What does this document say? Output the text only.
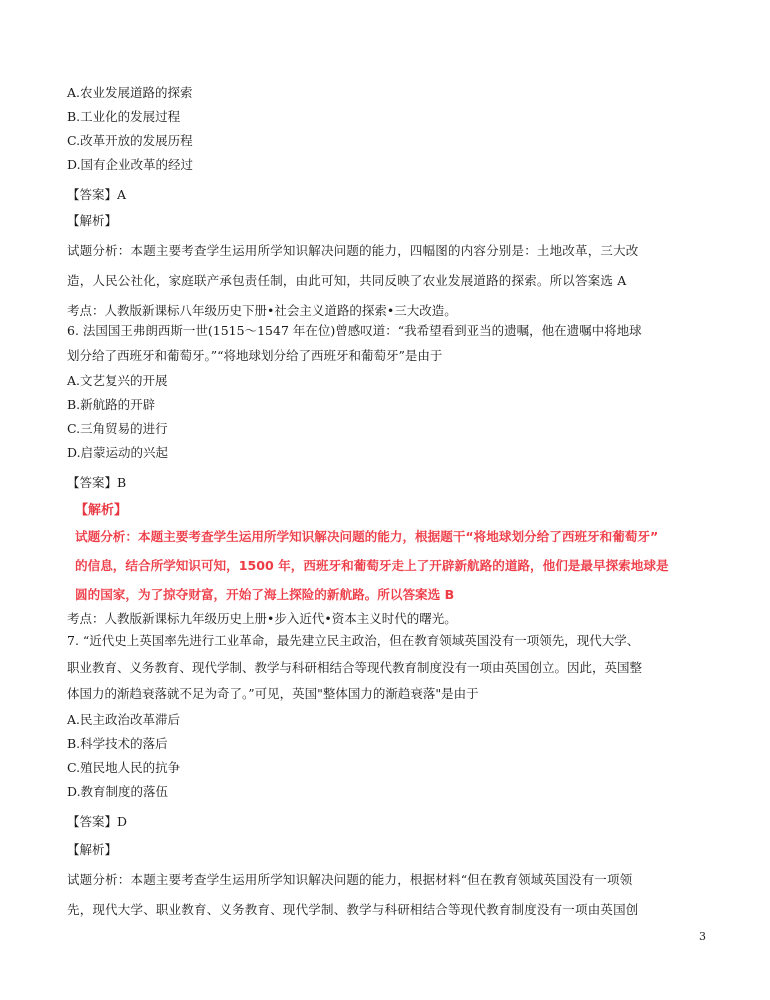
A.农业发展道路的探索
B.工业化的发展过程
C.改革开放的发展历程
D.国有企业改革的经过
【答案】A
【解析】
试题分析：本题主要考查学生运用所学知识解决问题的能力，四幅图的内容分别是：土地改革，三大改
造，人民公社化，家庭联产承包责任制，由此可知，共同反映了农业发展道路的探索。所以答案选 A
考点：人教版新课标八年级历史下册•社会主义道路的探索•三大改造。
6. 法国国王弗朗西斯一世(1515～1547 年在位)曾感叹道：“我希望看到亚当的遗嘱，他在遗嘱中将地球
划分给了西班牙和葡萄牙。”“将地球划分给了西班牙和葡萄牙”是由于
A.文艺复兴的开展
B.新航路的开辟
C.三角贸易的进行
D.启蒙运动的兴起
【答案】B
【解析】
试题分析：本题主要考查学生运用所学知识解决问题的能力，根据题干“将地球划分给了西班牙和葡萄牙”
的信息，结合所学知识可知，1500 年，西班牙和葡萄牙走上了开辟新航路的道路，他们是最早探索地球是
圆的国家，为了掠夺财富，开始了海上探险的新航路。所以答案选 B
考点：人教版新课标九年级历史上册•步入近代•资本主义时代的曙光。
7. “近代史上英国率先进行工业革命，最先建立民主政治，但在教育领域英国没有一项领先，现代大学、
职业教育、义务教育、现代学制、教学与科研相结合等现代教育制度没有一项由英国创立。因此，英国整
体国力的渐趋衰落就不足为奇了。”可见，英国"整体国力的渐趋衰落"是由于
A.民主政治改革滞后
B.科学技术的落后
C.殖民地人民的抗争
D.教育制度的落伍
【答案】D
【解析】
试题分析：本题主要考查学生运用所学知识解决问题的能力，根据材料“但在教育领域英国没有一项领
先，现代大学、职业教育、义务教育、现代学制、教学与科研相结合等现代教育制度没有一项由英国创
3
